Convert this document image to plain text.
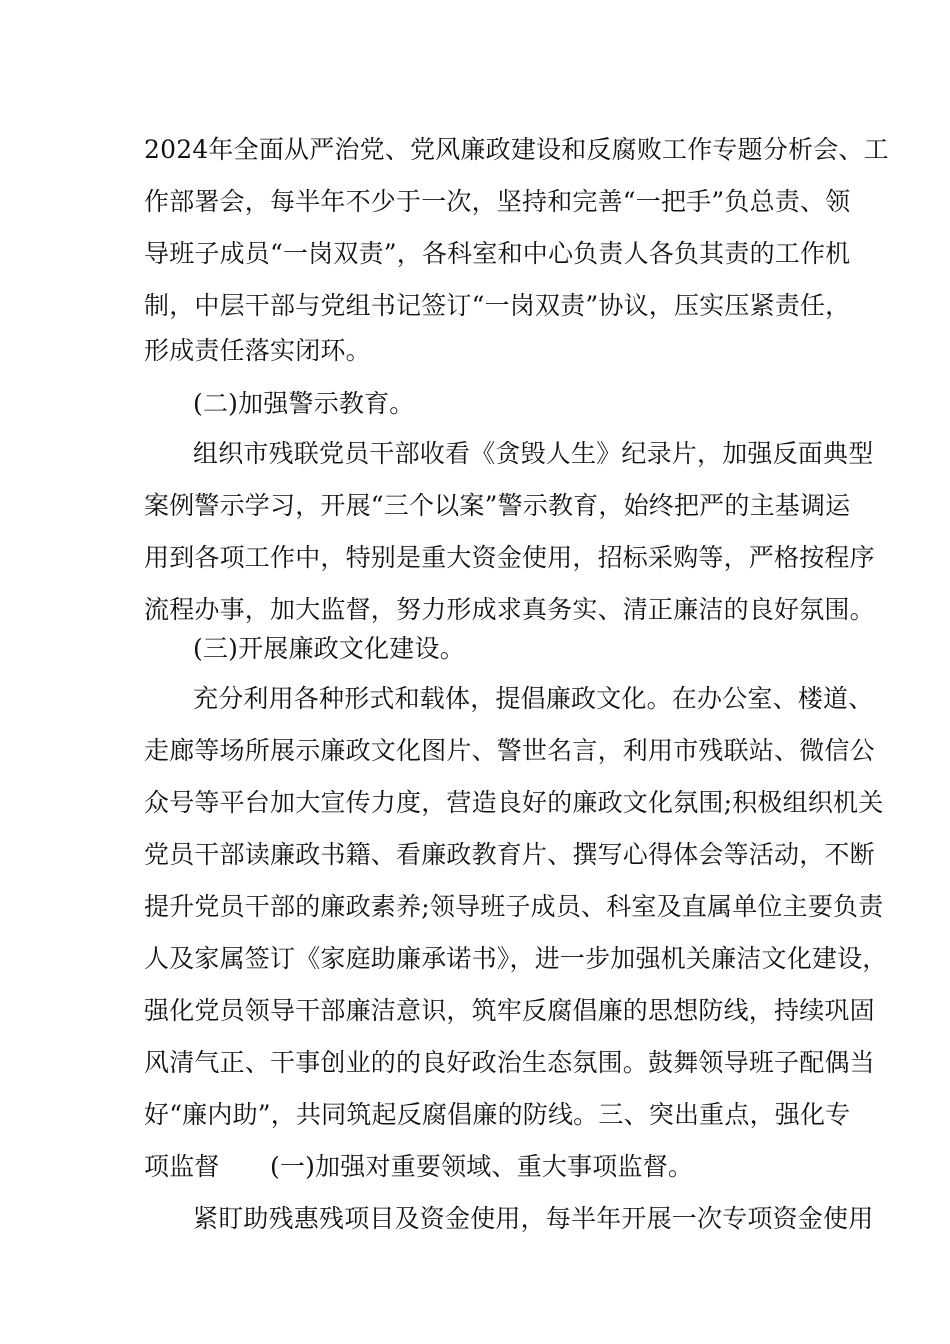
2024年全面从严治党、党风廉政建设和反腐败工作专题分析会、工
作部署会，每半年不少于一次，坚持和完善“一把手”负总责、领
导班子成员“一岗双责”，各科室和中心负责人各负其责的工作机
制，中层干部与党组书记签订“一岗双责”协议，压实压紧责任，
形成责任落实闭环。
(二)加强警示教育。
组织市残联党员干部收看《贪毁人生》纪录片，加强反面典型
案例警示学习，开展“三个以案”警示教育，始终把严的主基调运
用到各项工作中，特别是重大资金使用，招标采购等，严格按程序
流程办事，加大监督，努力形成求真务实、清正廉洁的良好氛围。
(三)开展廉政文化建设。
充分利用各种形式和载体，提倡廉政文化。在办公室、楼道、
走廊等场所展示廉政文化图片、警世名言，利用市残联站、微信公
众号等平台加大宣传力度，营造良好的廉政文化氛围;积极组织机关
党员干部读廉政书籍、看廉政教育片、撰写心得体会等活动，不断
提升党员干部的廉政素养;领导班子成员、科室及直属单位主要负责
人及家属签订《家庭助廉承诺书》，进一步加强机关廉洁文化建设，
强化党员领导干部廉洁意识，筑牢反腐倡廉的思想防线，持续巩固
风清气正、干事创业的的良好政治生态氛围。鼓舞领导班子配偶当
好“廉内助”，共同筑起反腐倡廉的防线。三、突出重点，强化专
项监督　　(一)加强对重要领域、重大事项监督。
紧盯助残惠残项目及资金使用，每半年开展一次专项资金使用
